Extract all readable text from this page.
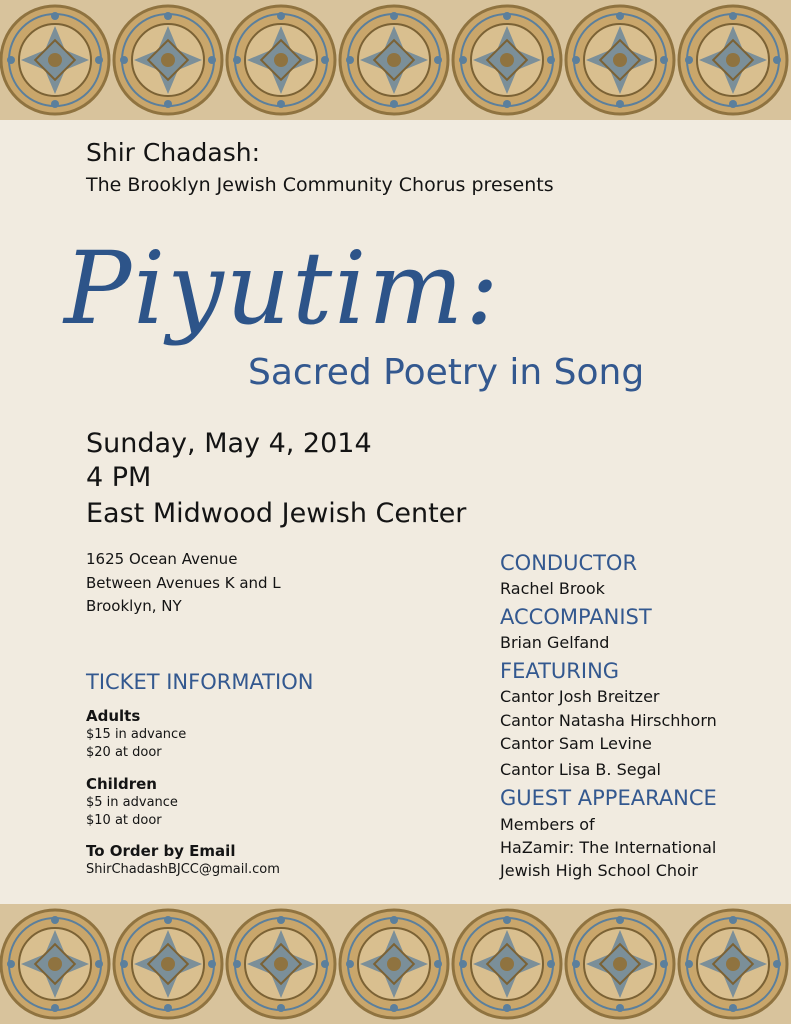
Shir Chadash:
The Brooklyn Jewish Community Chorus presents
Piyutim:
Sacred Poetry in Song
Sunday, May 4, 2014
4 PM
East Midwood Jewish Center
1625 Ocean Avenue
Between Avenues K and L
Brooklyn, NY
TICKET INFORMATION
Adults
$15 in advance
$20 at door
Children
$5 in advance
$10 at door
To Order by Email
ShirChadashBJCC@gmail.com
CONDUCTOR
Rachel Brook
ACCOMPANIST
Brian Gelfand
FEATURING
Cantor Josh Breitzer
Cantor Natasha Hirschhorn
Cantor Sam Levine
Cantor Lisa B. Segal
GUEST APPEARANCE
Members of
HaZamir: The International
Jewish High School Choir
